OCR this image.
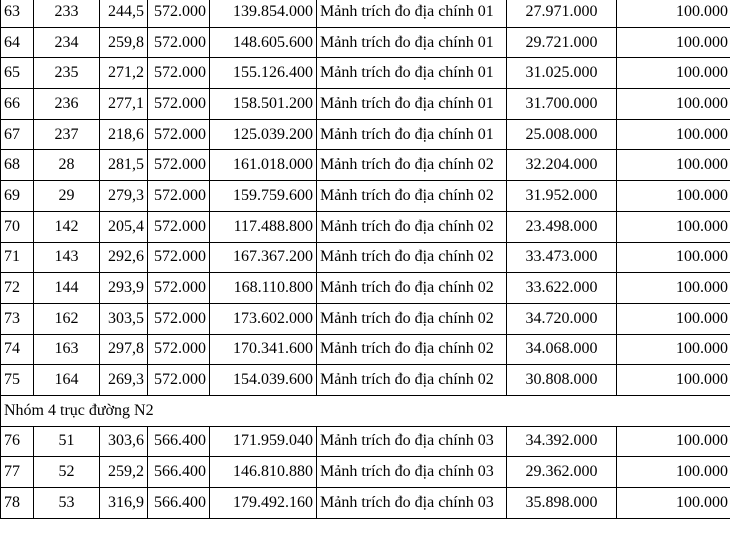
63	233	244,5	572.000	139.854.000	Mảnh trích đo địa chính 01	27.971.000	100.000
64	234	259,8	572.000	148.605.600	Mảnh trích đo địa chính 01	29.721.000	100.000
65	235	271,2	572.000	155.126.400	Mảnh trích đo địa chính 01	31.025.000	100.000
66	236	277,1	572.000	158.501.200	Mảnh trích đo địa chính 01	31.700.000	100.000
67	237	218,6	572.000	125.039.200	Mảnh trích đo địa chính 01	25.008.000	100.000
68	28	281,5	572.000	161.018.000	Mảnh trích đo địa chính 02	32.204.000	100.000
69	29	279,3	572.000	159.759.600	Mảnh trích đo địa chính 02	31.952.000	100.000
70	142	205,4	572.000	117.488.800	Mảnh trích đo địa chính 02	23.498.000	100.000
71	143	292,6	572.000	167.367.200	Mảnh trích đo địa chính 02	33.473.000	100.000
72	144	293,9	572.000	168.110.800	Mảnh trích đo địa chính 02	33.622.000	100.000
73	162	303,5	572.000	173.602.000	Mảnh trích đo địa chính 02	34.720.000	100.000
74	163	297,8	572.000	170.341.600	Mảnh trích đo địa chính 02	34.068.000	100.000
75	164	269,3	572.000	154.039.600	Mảnh trích đo địa chính 02	30.808.000	100.000
Nhóm 4 trục đường N2							
76	51	303,6	566.400	171.959.040	Mảnh trích đo địa chính 03	34.392.000	100.000
77	52	259,2	566.400	146.810.880	Mảnh trích đo địa chính 03	29.362.000	100.000
78	53	316,9	566.400	179.492.160	Mảnh trích đo địa chính 03	35.898.000	100.000
